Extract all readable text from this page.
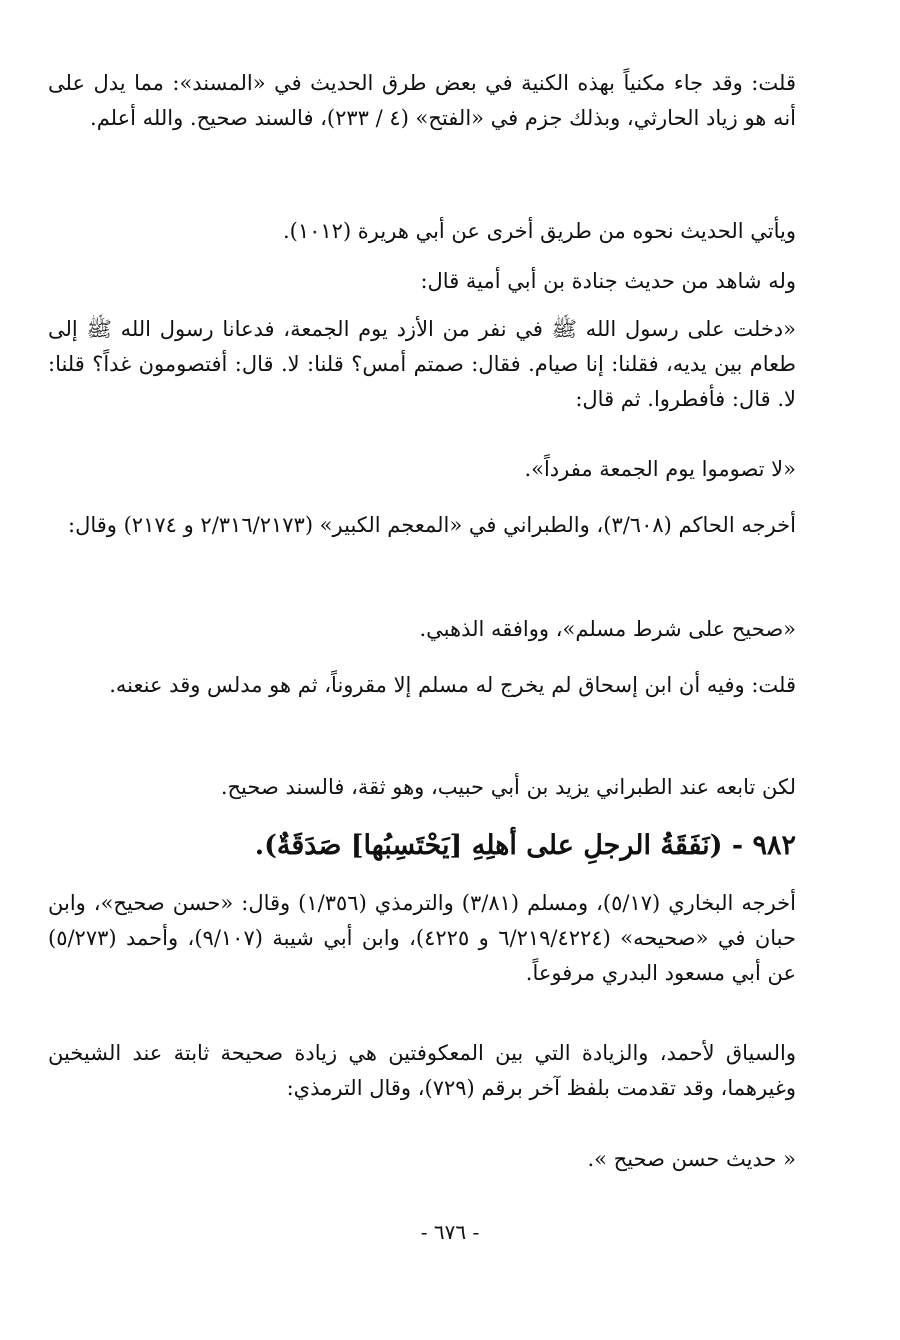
قلت: وقد جاء مكنياً بهذه الكنية في بعض طرق الحديث في «المسند»: مما يدل على أنه هو زياد الحارثي، وبذلك جزم في «الفتح» (٤ / ٢٣٣)، فالسند صحيح. والله أعلم.

ويأتي الحديث نحوه من طريق أخرى عن أبي هريرة (١٠١٢).

وله شاهد من حديث جنادة بن أبي أمية قال:

«دخلت على رسول الله ﷺ في نفر من الأزد يوم الجمعة، فدعانا رسول الله ﷺ إلى طعام بين يديه، فقلنا: إنا صيام. فقال: صمتم أمس؟ قلنا: لا. قال: أفتصومون غداً؟ قلنا: لا. قال: فأفطروا. ثم قال:

«لا تصوموا يوم الجمعة مفرداً».

أخرجه الحاكم (٣/٦٠٨)، والطبراني في «المعجم الكبير» (٢/٣١٦/٢١٧٣ و ٢١٧٤) وقال:

«صحيح على شرط مسلم»، ووافقه الذهبي.

قلت: وفيه أن ابن إسحاق لم يخرج له مسلم إلا مقروناً، ثم هو مدلس وقد عنعنه.

لكن تابعه عند الطبراني يزيد بن أبي حبيب، وهو ثقة، فالسند صحيح.

٩٨٢ - (نَفَقَةُ الرجلِ على أهلِهِ [يَحْتَسِبُها] صَدَقَةٌ).

أخرجه البخاري (٥/١٧)، ومسلم (٣/٨١) والترمذي (١/٣٥٦) وقال: «حسن صحيح»، وابن حبان في «صحيحه» (٦/٢١٩/٤٢٢٤ و ٤٢٢٥)، وابن أبي شيبة (٩/١٠٧)، وأحمد (٥/٢٧٣) عن أبي مسعود البدري مرفوعاً.

والسياق لأحمد، والزيادة التي بين المعكوفتين هي زيادة صحيحة ثابتة عند الشيخين وغيرهما، وقد تقدمت بلفظ آخر برقم (٧٢٩)، وقال الترمذي:

« حديث حسن صحيح ».

- ٦٧٦ -
